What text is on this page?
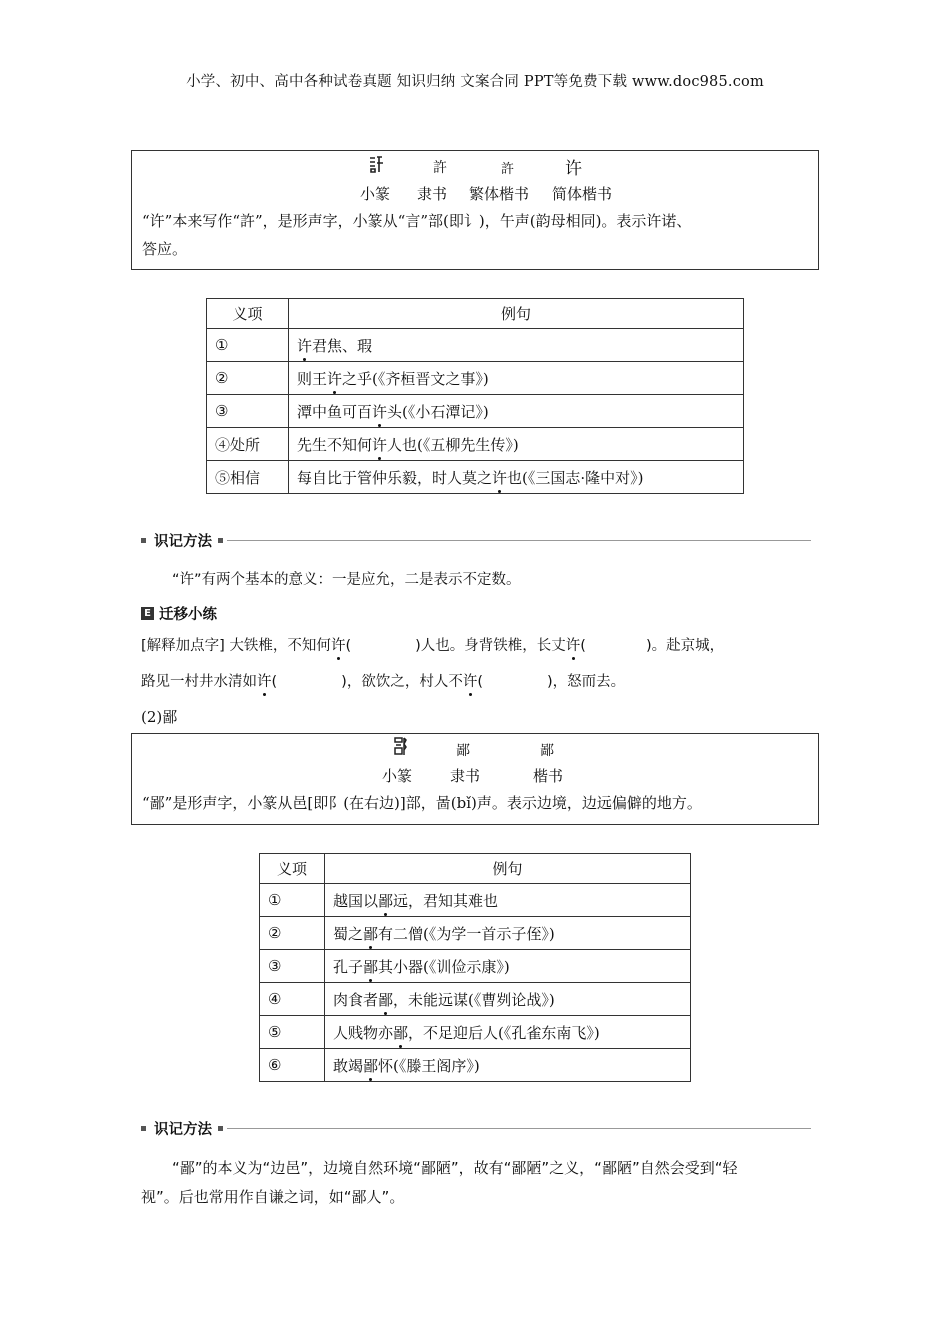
小学、初中、高中各种试卷真题 知识归纳 文案合同 PPT等免费下载 www.doc985.com
許	許	许
小篆 隶书 繁体楷书 简体楷书
“许”本来写作“許”，是形声字，小篆从“言”部(即讠)，午声(韵母相同)。表示许诺、
答应。
义项	例句
①	许君焦、瑕
②	则王许之乎(《齐桓晋文之事》)
③	潭中鱼可百许头(《小石潭记》)
④处所	先生不知何许人也(《五柳先生传》)
⑤相信	每自比于管仲乐毅，时人莫之许也(《三国志·隆中对》)
识记方法
“许”有两个基本的意义：一是应允，二是表示不定数。
E 迁移小练
[解释加点字] 大铁椎，不知何许(	)人也。身背铁椎，长丈许(	)。赴京城，
路见一村井水清如许(	)，欲饮之，村人不许(	)，怒而去。
(2)鄙
鄙	鄙
小篆	隶书	楷书
“鄙”是形声字，小篆从邑[即阝(在右边)]部，啚(bǐ)声。表示边境，边远偏僻的地方。
义项	例句
①	越国以鄙远，君知其难也
②	蜀之鄙有二僧(《为学一首示子侄》)
③	孔子鄙其小器(《训俭示康》)
④	肉食者鄙，未能远谋(《曹刿论战》)
⑤	人贱物亦鄙，不足迎后人(《孔雀东南飞》)
⑥	敢竭鄙怀(《滕王阁序》)
识记方法
“鄙”的本义为“边邑”，边境自然环境“鄙陋”，故有“鄙陋”之义，“鄙陋”自然会受到“轻
视”。后也常用作自谦之词，如“鄙人”。
